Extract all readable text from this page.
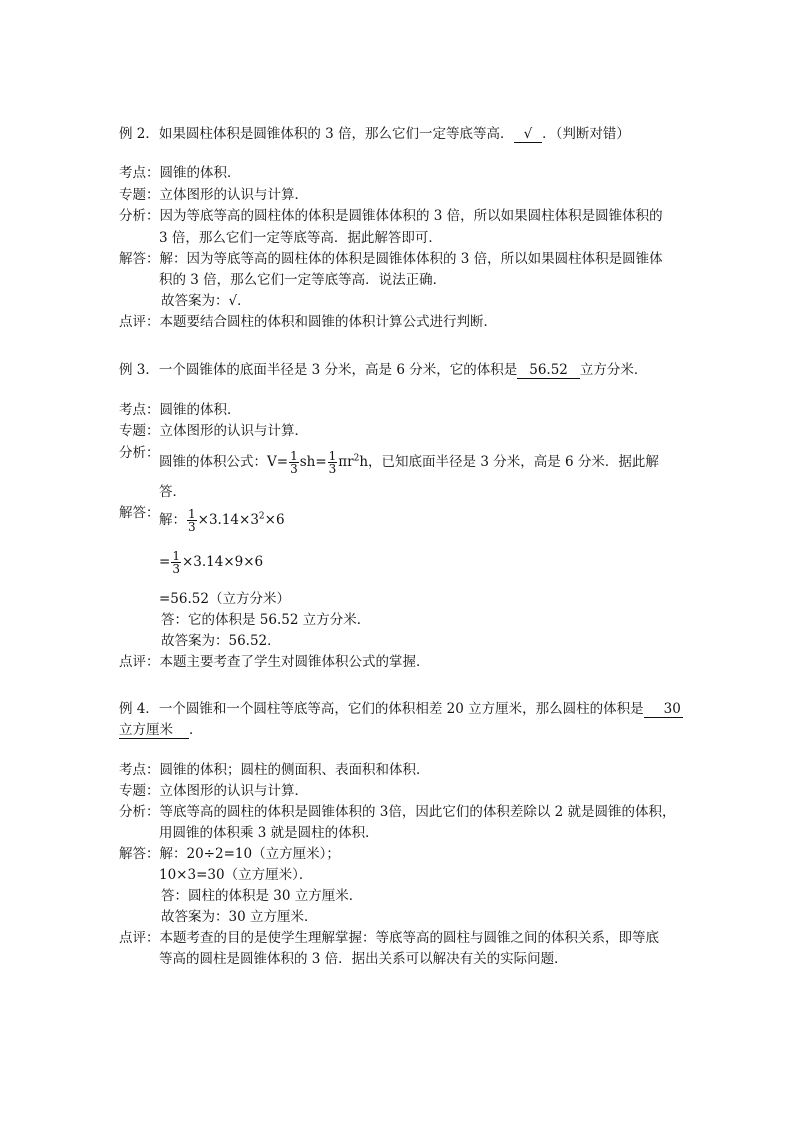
例 2．如果圆柱体积是圆锥体积的 3 倍，那么它们一定等底等高． √ ．（判断对错）
考点：圆锥的体积．
专题：立体图形的认识与计算．
分析：因为等底等高的圆柱体的体积是圆锥体体积的 3 倍，所以如果圆柱体积是圆锥体积的
3 倍，那么它们一定等底等高．据此解答即可．
解答：解：因为等底等高的圆柱体的体积是圆锥体体积的 3 倍，所以如果圆柱体积是圆锥体
积的 3 倍，那么它们一定等底等高．说法正确．
故答案为：√．
点评：本题要结合圆柱的体积和圆锥的体积计算公式进行判断．
例 3．一个圆锥体的底面半径是 3 分米，高是 6 分米，它的体积是 56.52 立方分米．
考点：圆锥的体积．
专题：立体图形的认识与计算．
分析：
圆锥的体积公式：$V= \frac{1}{3} sh= \frac{1}{3} \pi r^2h$，已知底面半径是 3 分米，高是 6 分米．据此解
答．
解答： 解： $\frac{1}{3} \times 3.14\times 3^2\times 6$
= $\frac{1}{3} \times 3.14\times 9\times 6$
=56.52（立方分米）
答：它的体积是 56.52 立方分米．
故答案为：56.52．
点评：本题主要考查了学生对圆锥体积公式的掌握．
例 4．一个圆锥和一个圆柱等底等高，它们的体积相差 20 立方厘米，那么圆柱的体积是 30
立方厘米 ．
考点：圆锥的体积；圆柱的侧面积、表面积和体积．
专题：立体图形的认识与计算．
分析：等底等高的圆柱的体积是圆锥体积的 3倍，因此它们的体积差除以 2 就是圆锥的体积，
用圆锥的体积乘 3 就是圆柱的体积．
解答：解：20÷2=10（立方厘米）；
10×3=30（立方厘米）．
答：圆柱的体积是 30 立方厘米．
故答案为：30 立方厘米．
点评：本题考查的目的是使学生理解掌握：等底等高的圆柱与圆锥之间的体积关系，即等底
等高的圆柱是圆锥体积的 3 倍．据出关系可以解决有关的实际问题．
